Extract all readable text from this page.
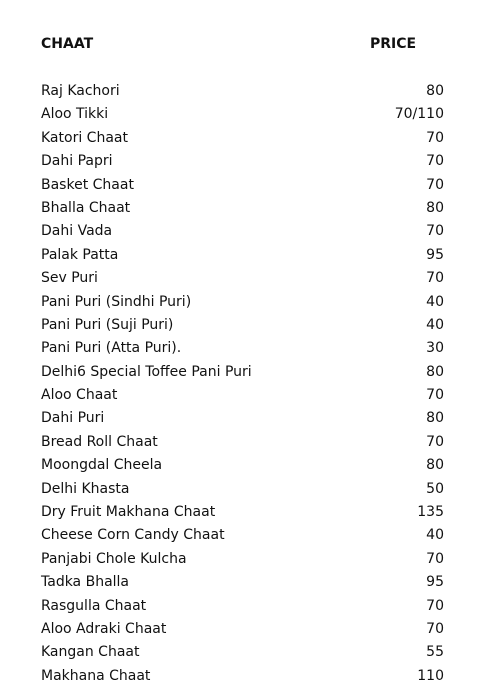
CHAAT	PRICE
Raj Kachori	80
Aloo Tikki	70/110
Katori Chaat	70
Dahi Papri	70
Basket Chaat	70
Bhalla Chaat	80
Dahi Vada	70
Palak Patta	95
Sev Puri	70
Pani Puri (Sindhi Puri)	40
Pani Puri (Suji Puri)	40
Pani Puri (Atta Puri).	30
Delhi6 Special Toffee Pani Puri	80
Aloo Chaat	70
Dahi Puri	80
Bread Roll Chaat	70
Moongdal Cheela	80
Delhi Khasta	50
Dry Fruit Makhana Chaat	135
Cheese Corn Candy Chaat	40
Panjabi Chole Kulcha	70
Tadka Bhalla	95
Rasgulla Chaat	70
Aloo Adraki Chaat	70
Kangan Chaat	55
Makhana Chaat	110
